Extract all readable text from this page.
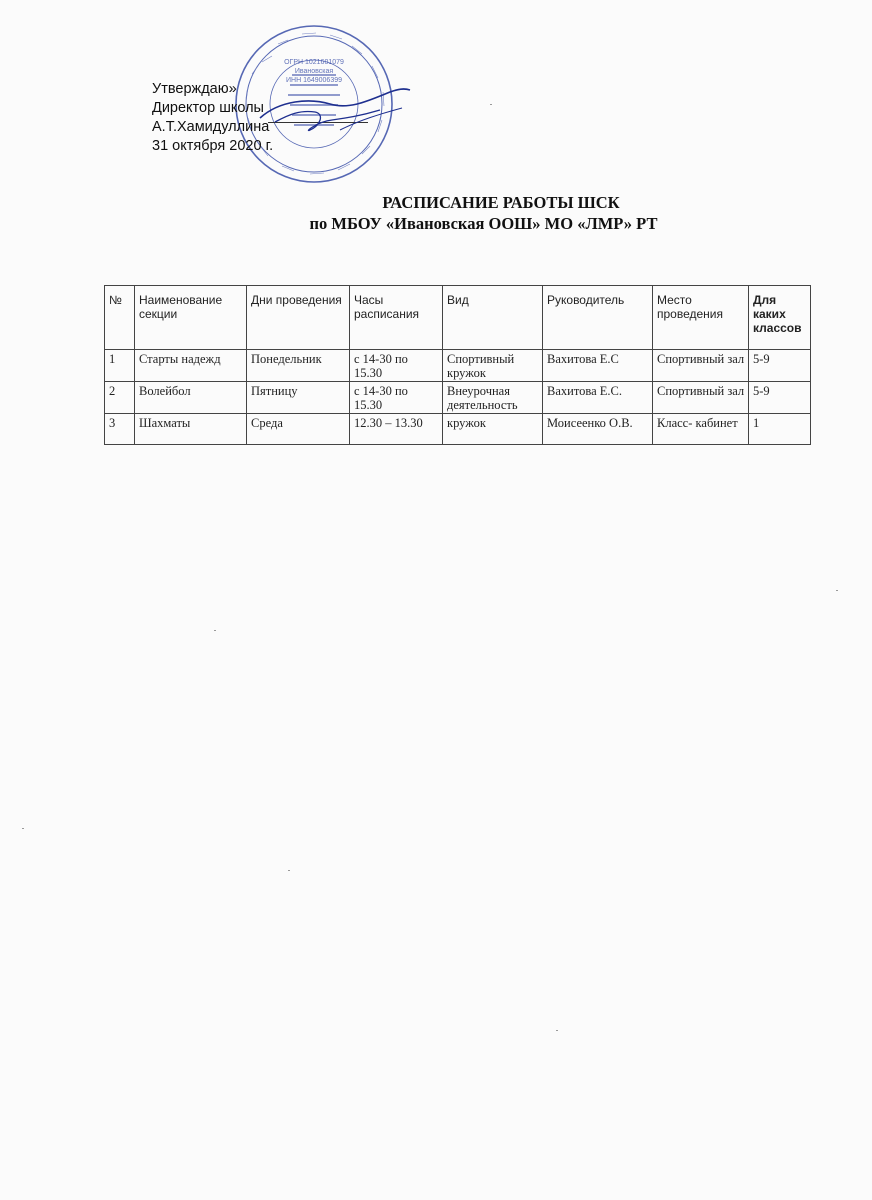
ОГРН 1021601079
Ивановская
ИНН 1649006399
Утверждаю»
Директор школы
А.Т.Хамидуллина
31 октября 2020 г.
РАСПИСАНИЕ РАБОТЫ ШСК
по МБОУ «Ивановская ООШ» МО «ЛМР» РТ
№	Наименование секции	Дни проведения	Часы расписания	Вид	Руководитель	Место проведения	Для каких классов
1	Старты надежд	Понедельник	с 14-30 по 15.30	Спортивный кружок	Вахитова Е.С	Спортивный зал	5-9
2	Волейбол	Пятницу	с 14-30 по 15.30	Внеурочная деятельность	Вахитова Е.С.	Спортивный зал	5-9
3	Шахматы	Среда	12.30 – 13.30	кружок	Моисеенко О.В.	Класс- кабинет	1
